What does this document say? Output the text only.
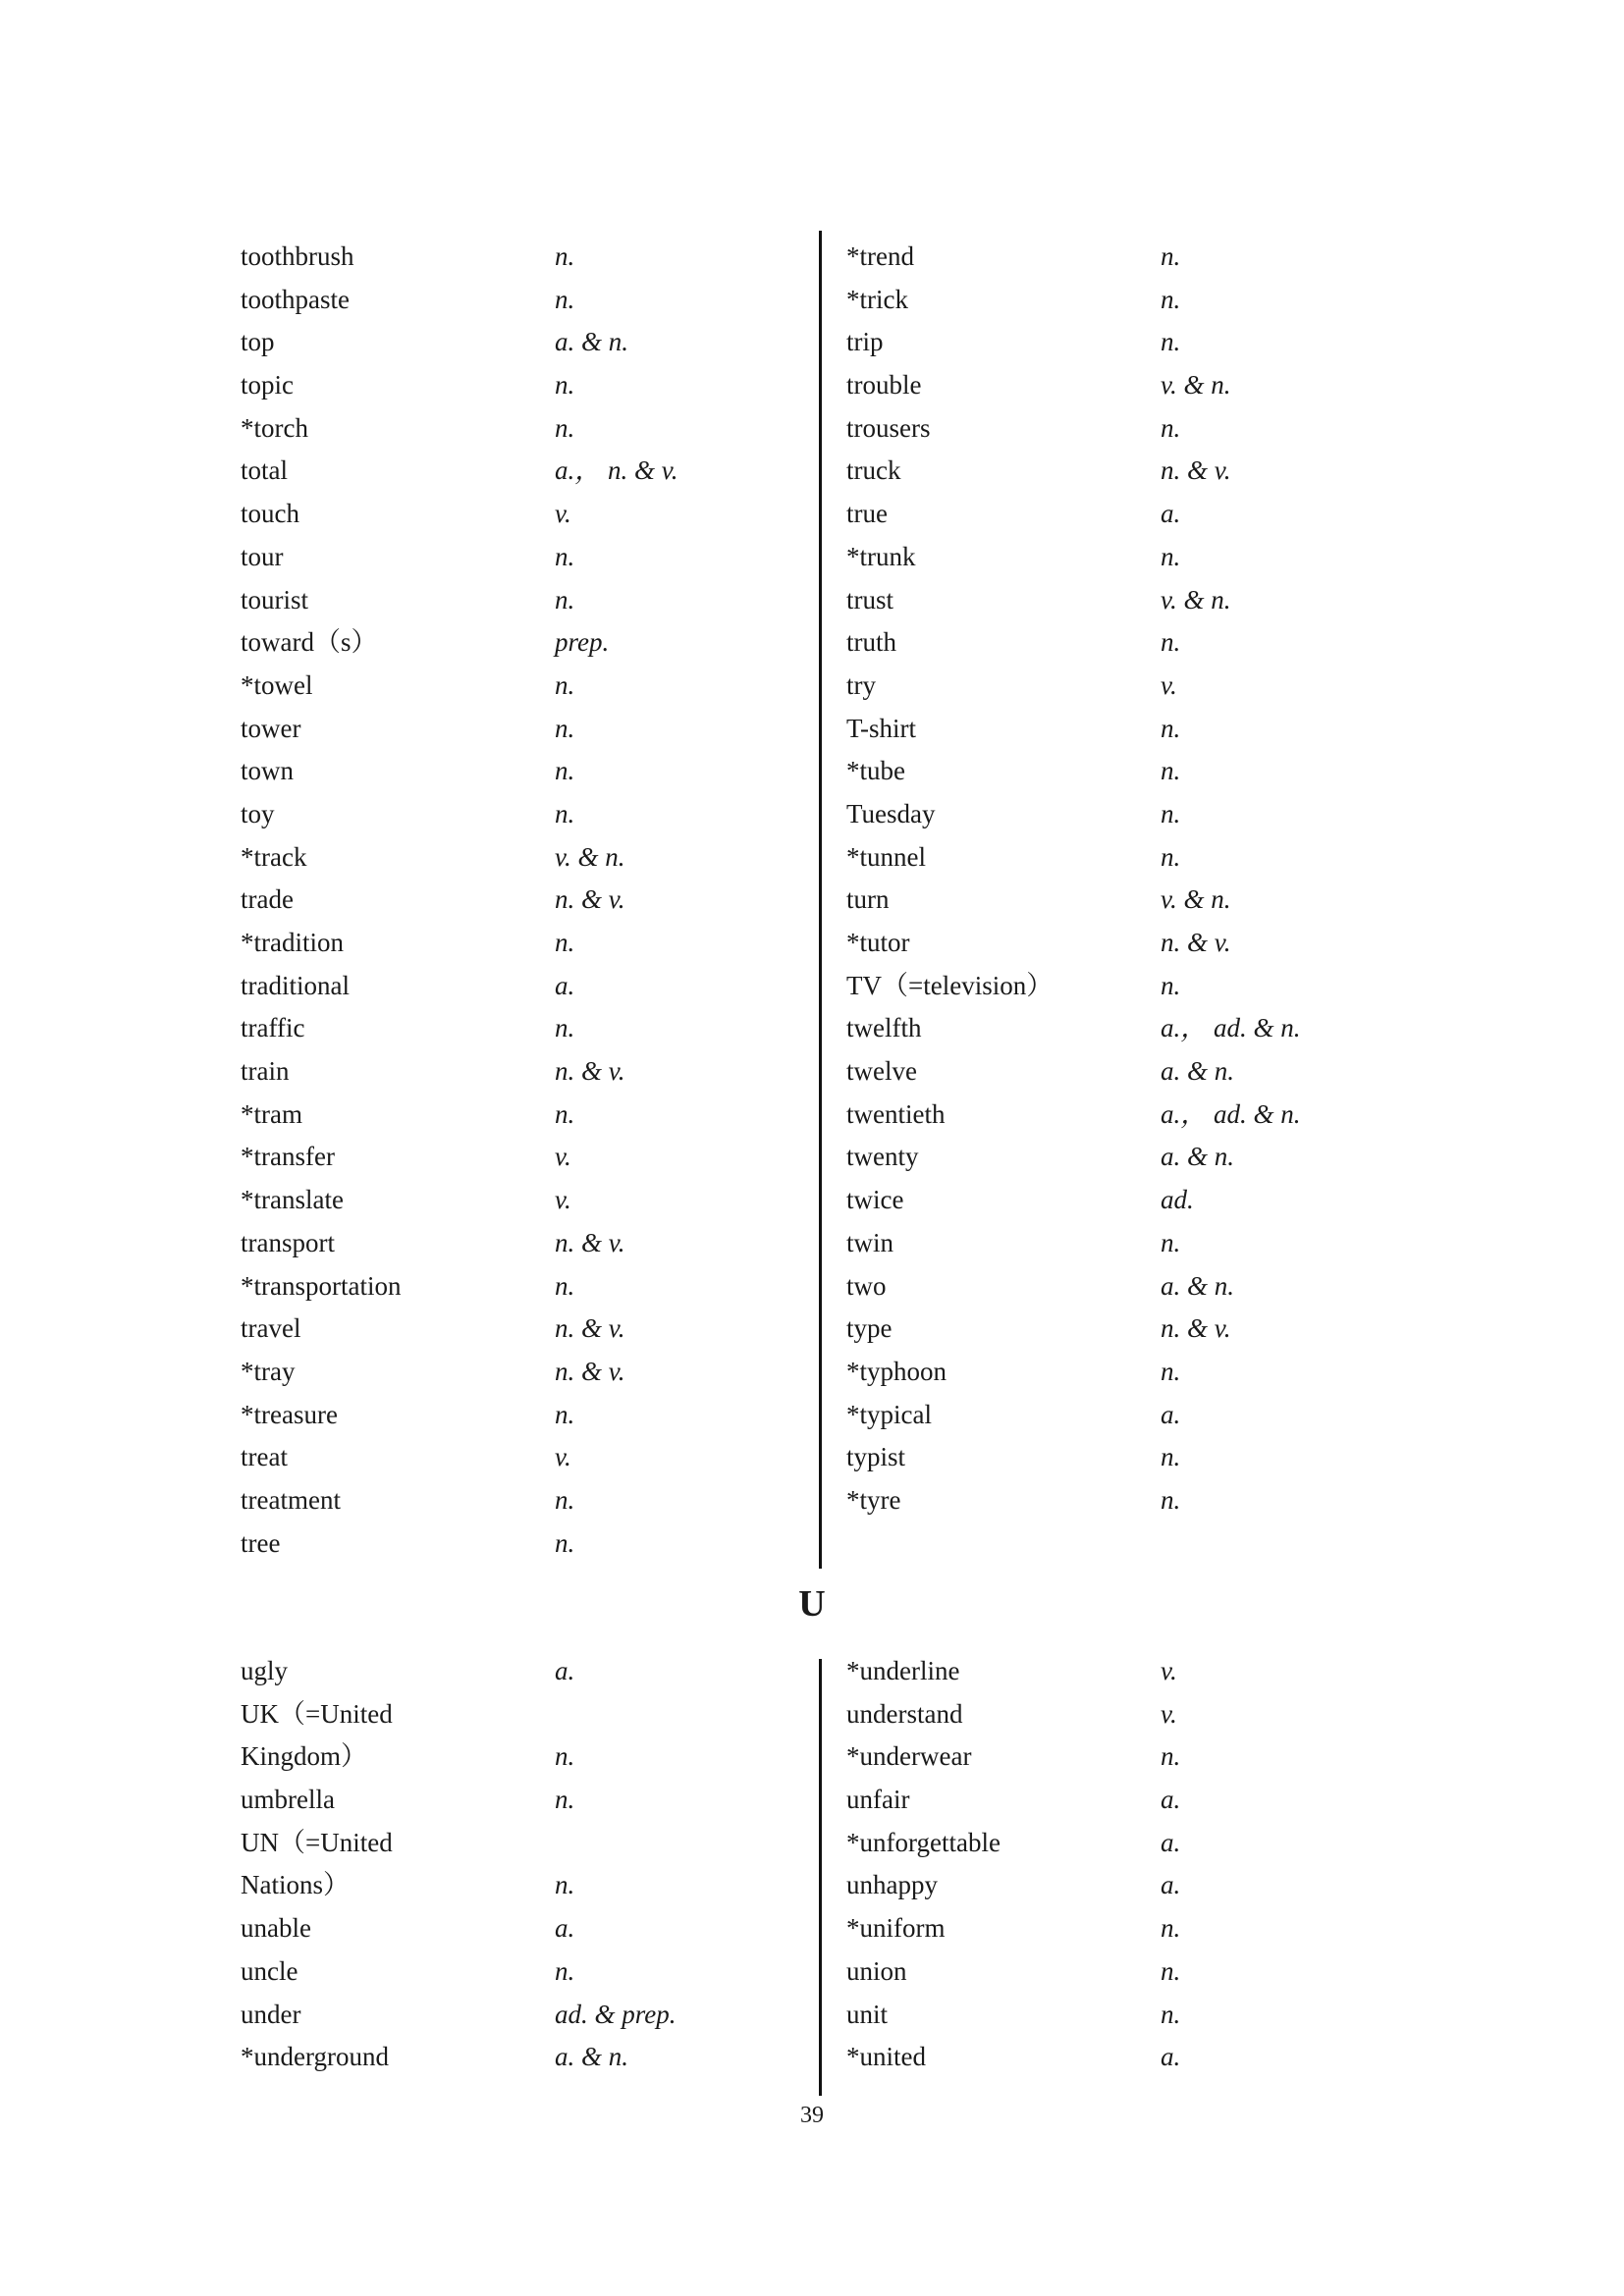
toothbrush	n.
toothpaste	n.
top	a. & n.
topic	n.
*torch	n.
total	a.， n. & v.
touch	v.
tour	n.
tourist	n.
toward（s）	prep.
*towel	n.
tower	n.
town	n.
toy	n.
*track	v. & n.
trade	n. & v.
*tradition	n.
traditional	a.
traffic	n.
train	n. & v.
*tram	n.
*transfer	v.
*translate	v.
transport	n. & v.
*transportation	n.
travel	n. & v.
*tray	n. & v.
*treasure	n.
treat	v.
treatment	n.
tree	n.
*trend	n.
*trick	n.
trip	n.
trouble	v. & n.
trousers	n.
truck	n. & v.
true	a.
*trunk	n.
trust	v. & n.
truth	n.
try	v.
T-shirt	n.
*tube	n.
Tuesday	n.
*tunnel	n.
turn	v. & n.
*tutor	n. & v.
TV（=television）	n.
twelfth	a.， ad. & n.
twelve	a. & n.
twentieth	a.， ad. & n.
twenty	a. & n.
twice	ad.
twin	n.
two	a. & n.
type	n. & v.
*typhoon	n.
*typical	a.
typist	n.
*tyre	n.
U
ugly	a.
UK（=United
Kingdom）	n.
umbrella	n.
UN（=United
Nations）	n.
unable	a.
uncle	n.
under	ad. & prep.
*underground	a. & n.
*underline	v.
understand	v.
*underwear	n.
unfair	a.
*unforgettable	a.
unhappy	a.
*uniform	n.
union	n.
unit	n.
*united	a.
39
